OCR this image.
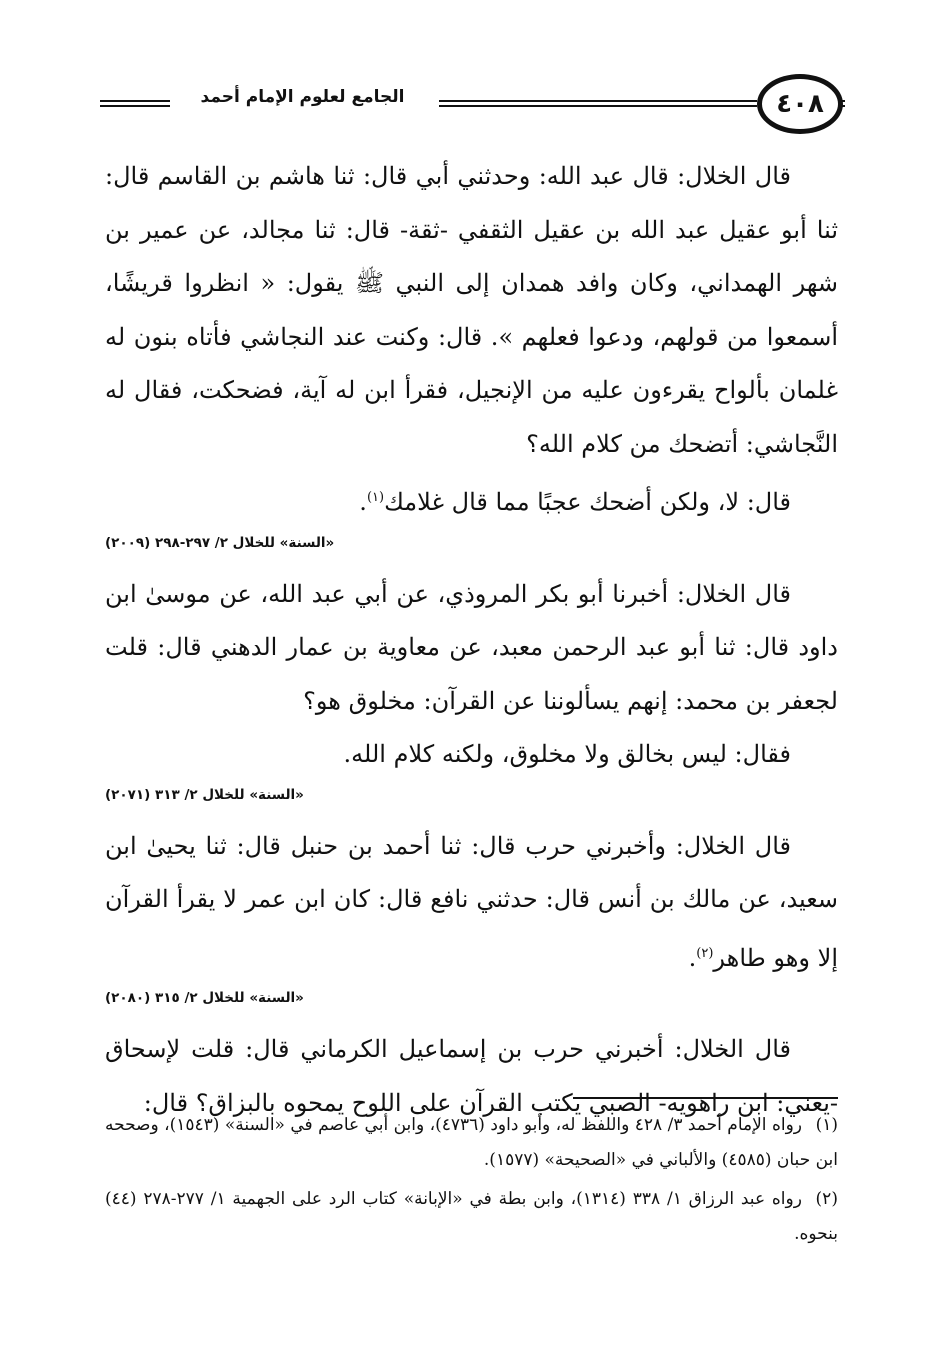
الجامع لعلوم الإمام أحمد	٤٠٨

قال الخلال: قال عبد الله: وحدثني أبي قال: ثنا هاشم بن القاسم قال: ثنا أبو عقيل عبد الله بن عقيل الثقفي -ثقة- قال: ثنا مجالد، عن عمير بن شهر الهمداني، وكان وافد همدان إلى النبي ﷺ يقول: « انظروا قريشًا، أسمعوا من قولهم، ودعوا فعلهم ». قال: وكنت عند النجاشي فأتاه بنون له غلمان بألواح يقرءون عليه من الإنجيل، فقرأ ابن له آية، فضحكت، فقال له النَّجاشي: أتضحك من كلام الله؟

قال: لا، ولكن أضحك عجبًا مما قال غلامك$^{(١)}$.

«السنة» للخلال ٢/ ٢٩٧-٢٩٨ (٢٠٠٩)

قال الخلال: أخبرنا أبو بكر المروذي، عن أبي عبد الله، عن موسىٰ ابن داود قال: ثنا أبو عبد الرحمن معبد، عن معاوية بن عمار الدهني قال: قلت لجعفر بن محمد: إنهم يسألوننا عن القرآن: مخلوق هو؟

فقال: ليس بخالق ولا مخلوق، ولكنه كلام الله.

«السنة» للخلال ٢/ ٣١٣ (٢٠٧١)

قال الخلال: وأخبرني حرب قال: ثنا أحمد بن حنبل قال: ثنا يحيىٰ ابن سعيد، عن مالك بن أنس قال: حدثني نافع قال: كان ابن عمر لا يقرأ القرآن إلا وهو طاهر$^{(٢)}$.

«السنة» للخلال ٢/ ٣١٥ (٢٠٨٠)

قال الخلال: أخبرني حرب بن إسماعيل الكرماني قال: قلت لإسحاق -يعني: ابن راهويه- الصبي يكتب القرآن على اللوح يمحوه بالبزاق؟ قال:

(١)رواه الإمام أحمد ٣/ ٤٢٨ واللفظ له، وأبو داود (٤٧٣٦)، وابن أبي عاصم في «السنة» (١٥٤٣)، وصححه ابن حبان (٤٥٨٥) والألباني في «الصحيحة» (١٥٧٧).

(٢)رواه عبد الرزاق ١/ ٣٣٨ (١٣١٤)، وابن بطة في «الإبانة» كتاب الرد على الجهمية ١/ ٢٧٧-٢٧٨ (٤٤) بنحوه.
